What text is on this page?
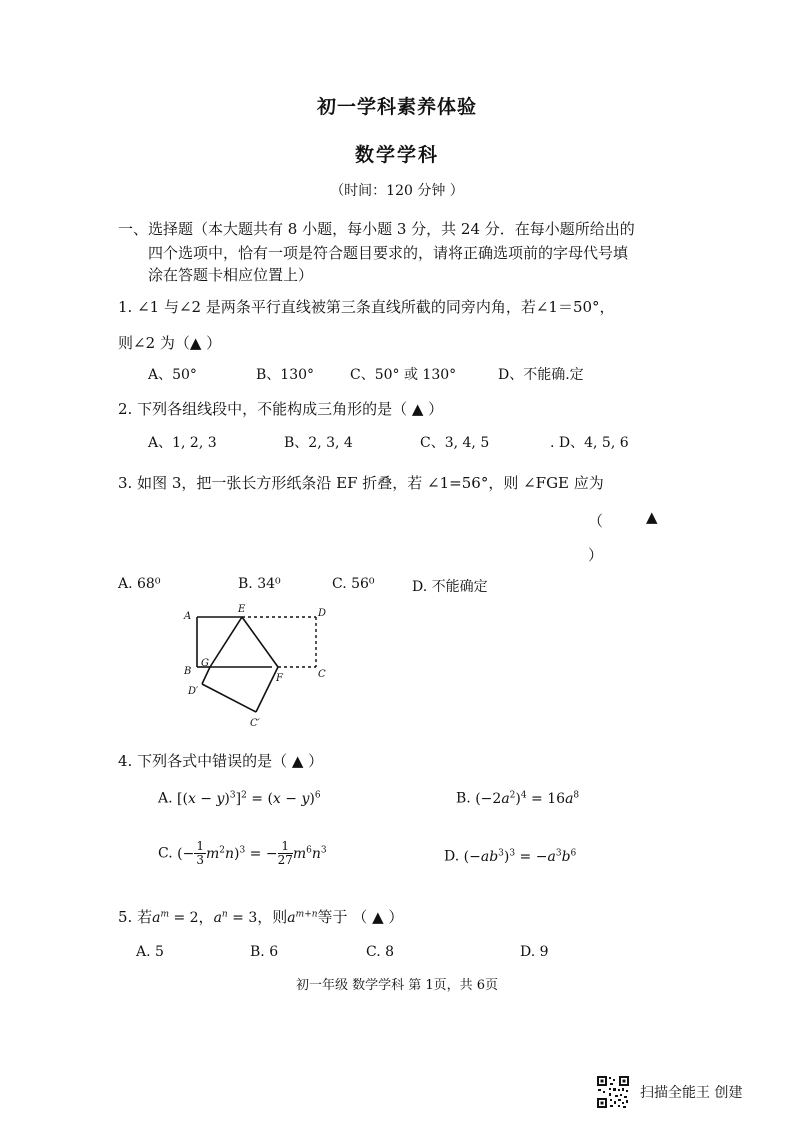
初一学科素养体验
数学学科
（时间：120 分钟 ）
一、选择题（本大题共有 8 小题，每小题 3 分，共 24 分．在每小题所给出的
四个选项中，恰有一项是符合题目要求的，请将正确选项前的字母代号填
涂在答题卡相应位置上）
1. ∠1 与∠2 是两条平行直线被第三条直线所截的同旁内角，若∠1＝50°，
则∠2 为（▲ ）
A、50°	B、130°	C、50° 或 130°	D、不能确.定
2. 下列各组线段中，不能构成三角形的是（ ▲ ）
A、1, 2, 3	B、2, 3, 4	C、3, 4, 5	. D、4, 5, 6
3. 如图 3，把一张长方形纸条沿 EF 折叠，若 ∠1=56°，则 ∠FGE 应为
（	▲
）
A. 68⁰	B. 34⁰	C. 56⁰	D. 不能确定
A
E	D
B
G
F	C
D′
C′
4. 下列各式中错误的是（ ▲ ）
A. $[(x - y)^3]^2 = (x - y)^6$	B. $(-2a^2)^4 = 16a^8$
C. (− $\frac{1}{3} m^2n)^3$ = − $\frac{1}{27} m^6n^3$	D. $(-ab^3)^3 = -a^3b^6$
5. 若$a^m = 2$，$a^n = 3$，则$a^{m+n}$等于 （ ▲ ）
A. 5	B. 6	C. 8	D. 9
初一年级 数学学科 第 1页，共 6页
扫描全能王 创建
